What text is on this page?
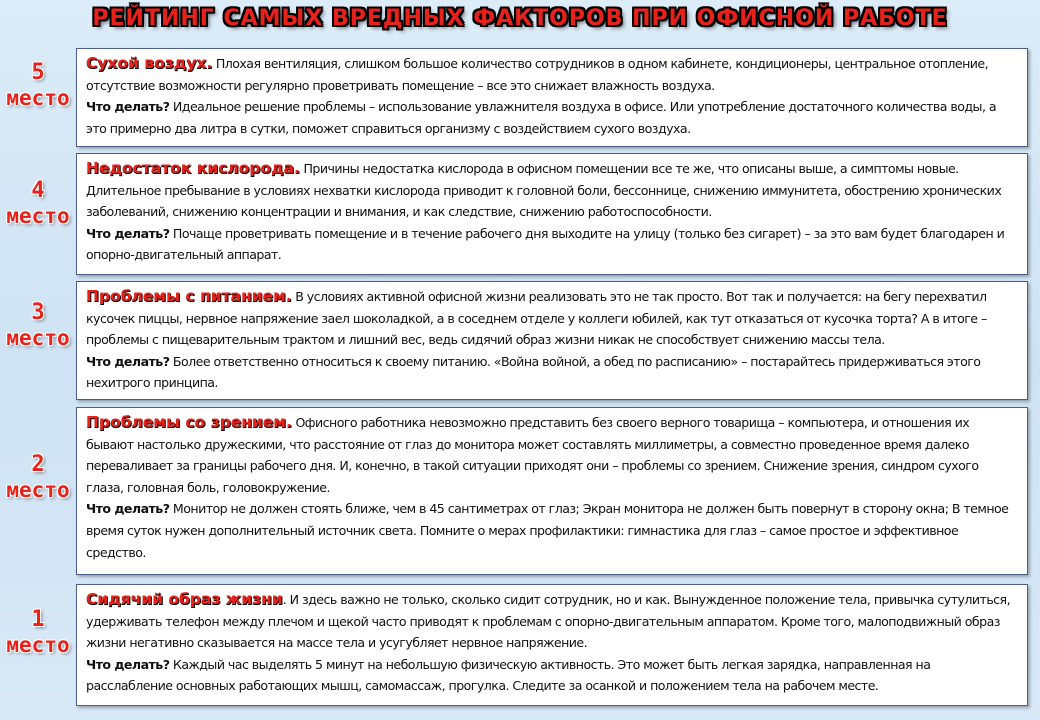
РЕЙТИНГ САМЫХ ВРЕДНЫХ ФАКТОРОВ ПРИ ОФИСНОЙ РАБОТЕ
5
место

Сухой воздух. Плохая вентиляция, слишком большое количество сотрудников в одном кабинете, кондиционеры, центральное отопление, отсутствие возможности регулярно проветривать помещение – все это снижает влажность воздуха.

Что делать? Идеальное решение проблемы – использование увлажнителя воздуха в офисе. Или употребление достаточного количества воды, а это примерно два литра в сутки, поможет справиться организму с воздействием сухого воздуха.

4
место

Недостаток кислорода. Причины недостатка кислорода в офисном помещении все те же, что описаны выше, а симптомы новые. Длительное пребывание в условиях нехватки кислорода приводит к головной боли, бессоннице, снижению иммунитета, обострению хронических заболеваний, снижению концентрации и внимания, и как следствие, снижению работоспособности.

Что делать? Почаще проветривать помещение и в течение рабочего дня выходите на улицу (только без сигарет) – за это вам будет благодарен и опорно-двигательный аппарат.

3
место

Проблемы с питанием. В условиях активной офисной жизни реализовать это не так просто. Вот так и получается: на бегу перехватил кусочек пиццы, нервное напряжение заел шоколадкой, а в соседнем отделе у коллеги юбилей, как тут отказаться от кусочка торта? А в итоге – проблемы с пищеварительным трактом и лишний вес, ведь сидячий образ жизни никак не способствует снижению массы тела.

Что делать? Более ответственно относиться к своему питанию. «Война войной, а обед по расписанию» – постарайтесь придерживаться этого нехитрого принципа.

2
место

Проблемы со зрением. Офисного работника невозможно представить без своего верного товарища – компьютера, и отношения их бывают настолько дружескими, что расстояние от глаз до монитора может составлять миллиметры, а совместно проведенное время далеко переваливает за границы рабочего дня. И, конечно, в такой ситуации приходят они – проблемы со зрением. Снижение зрения, синдром сухого глаза, головная боль, головокружение.

Что делать? Монитор не должен стоять ближе, чем в 45 сантиметрах от глаз; Экран монитора не должен быть повернут в сторону окна; В темное время суток нужен дополнительный источник света. Помните о мерах профилактики: гимнастика для глаз – самое простое и эффективное средство.

1
место

Сидячий образ жизни. И здесь важно не только, сколько сидит сотрудник, но и как. Вынужденное положение тела, привычка сутулиться, удерживать телефон между плечом и щекой часто приводят к проблемам с опорно-двигательным аппаратом. Кроме того, малоподвижный образ жизни негативно сказывается на массе тела и усугубляет нервное напряжение.

Что делать? Каждый час выделять 5 минут на небольшую физическую активность. Это может быть легкая зарядка, направленная на расслабление основных работающих мышц, самомассаж, прогулка. Следите за осанкой и положением тела на рабочем месте.
